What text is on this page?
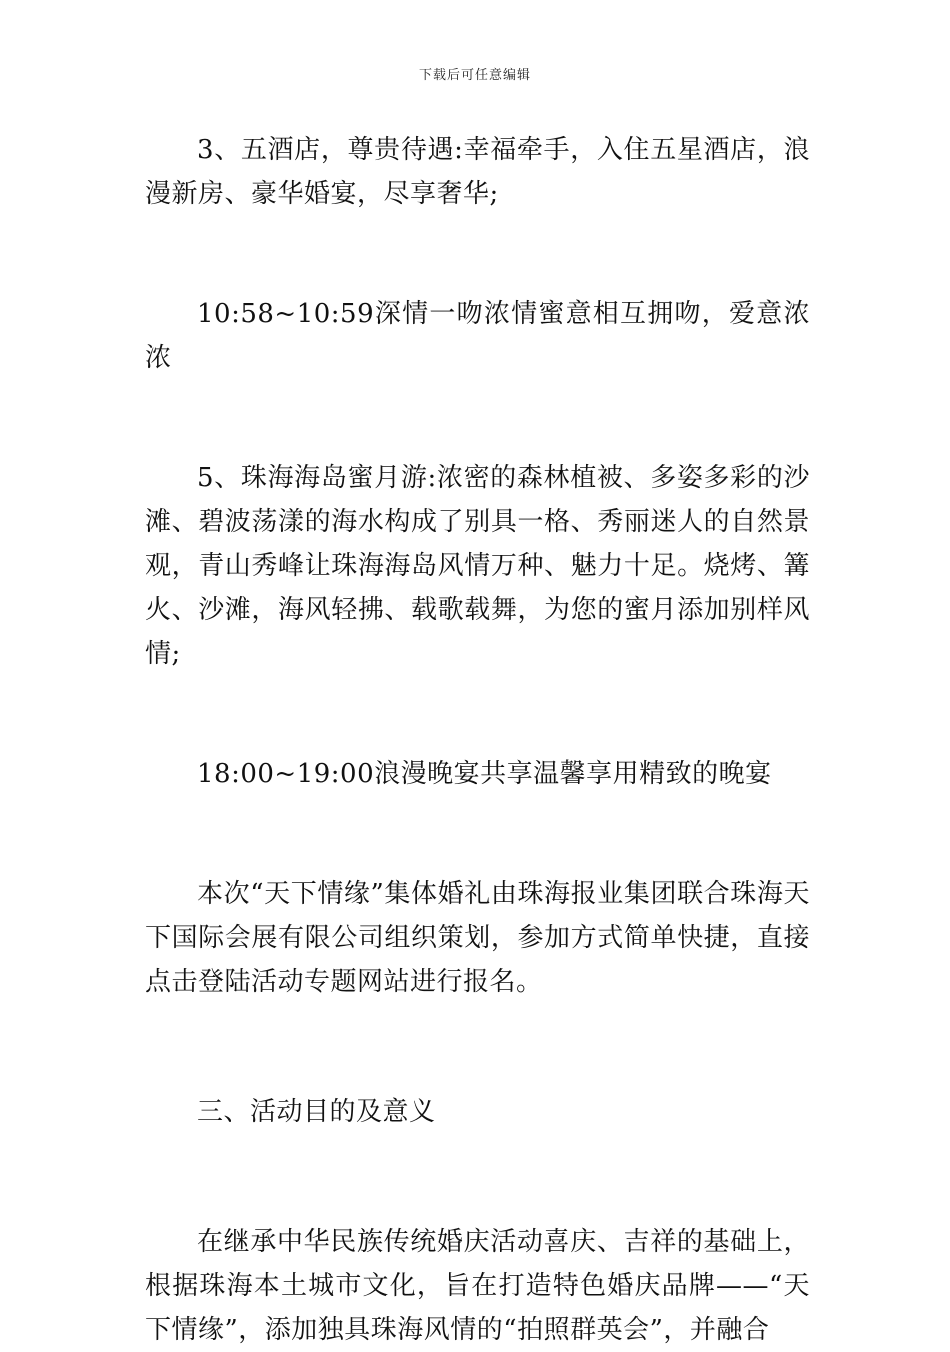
下载后可任意编辑

3、五酒店，尊贵待遇:幸福牵手，入住五星酒店，浪漫新房、豪华婚宴，尽享奢华;

10:58~10:59深情一吻浓情蜜意相互拥吻，爱意浓浓

5、珠海海岛蜜月游:浓密的森林植被、多姿多彩的沙滩、碧波荡漾的海水构成了别具一格、秀丽迷人的自然景观，青山秀峰让珠海海岛风情万种、魅力十足。烧烤、篝火、沙滩，海风轻拂、载歌载舞，为您的蜜月添加别样风情;

18:00~19:00浪漫晚宴共享温馨享用精致的晚宴

本次“天下情缘”集体婚礼由珠海报业集团联合珠海天下国际会展有限公司组织策划，参加方式简单快捷，直接点击登陆活动专题网站进行报名。

三、活动目的及意义

在继承中华民族传统婚庆活动喜庆、吉祥的基础上，根据珠海本土城市文化，旨在打造特色婚庆品牌——“天下情缘”，添加独具珠海风情的“拍照群英会”，并融合
